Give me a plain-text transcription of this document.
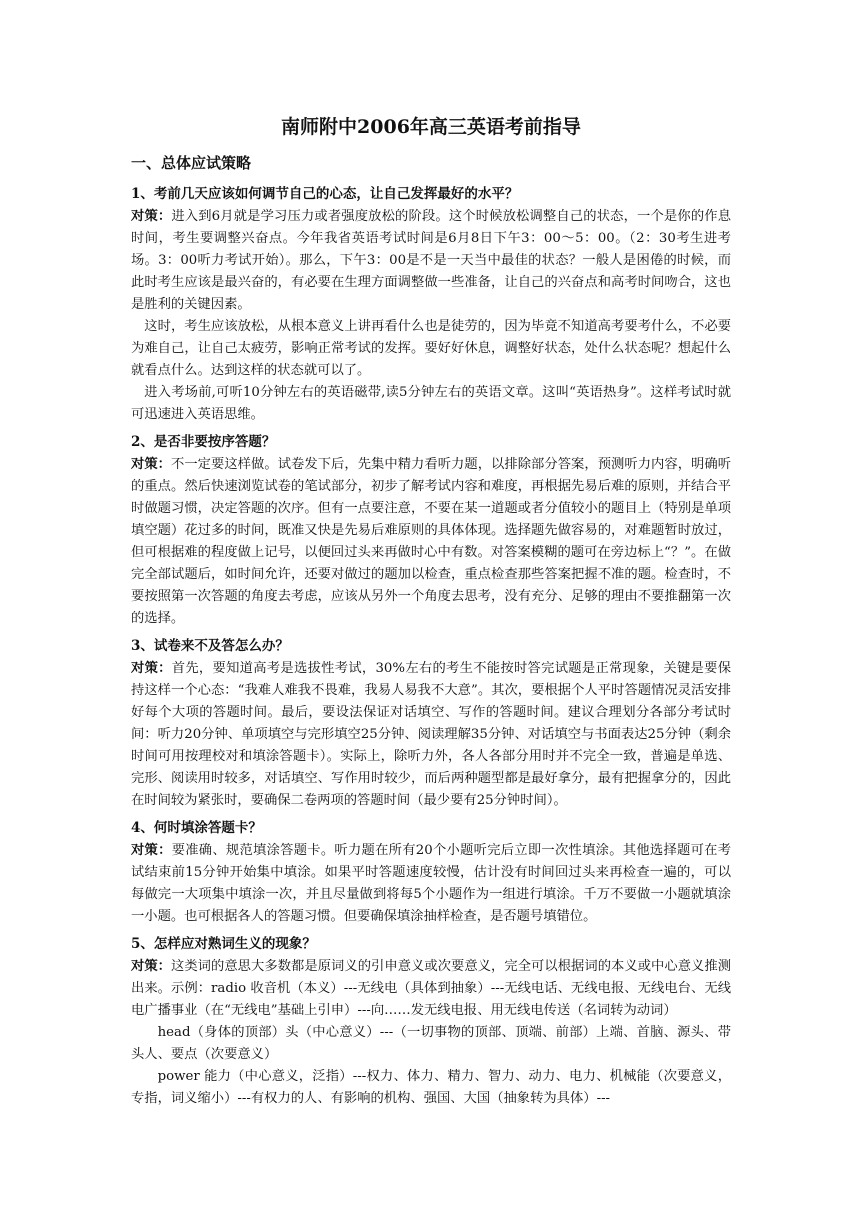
南师附中2006年高三英语考前指导
一、总体应试策略
1、考前几天应该如何调节自己的心态，让自己发挥最好的水平？

对策：进入到6月就是学习压力或者强度放松的阶段。这个时候放松调整自己的状态，一个是你的作息时间，考生要调整兴奋点。今年我省英语考试时间是6月8日下午3：00～5：00。（2：30考生进考场。3：00听力考试开始）。那么，下午3：00是不是一天当中最佳的状态？一般人是困倦的时候，而此时考生应该是最兴奋的，有必要在生理方面调整做一些准备，让自己的兴奋点和高考时间吻合，这也是胜利的关键因素。

这时，考生应该放松，从根本意义上讲再看什么也是徒劳的，因为毕竟不知道高考要考什么，不必要为难自己，让自己太疲劳，影响正常考试的发挥。要好好休息，调整好状态，处什么状态呢？想起什么就看点什么。达到这样的状态就可以了。

进入考场前,可听10分钟左右的英语磁带,读5分钟左右的英语文章。这叫“英语热身”。这样考试时就可迅速进入英语思维。

2、是否非要按序答题？

对策：不一定要这样做。试卷发下后，先集中精力看听力题，以排除部分答案，预测听力内容，明确听的重点。然后快速浏览试卷的笔试部分，初步了解考试内容和难度，再根据先易后难的原则，并结合平时做题习惯，决定答题的次序。但有一点要注意，不要在某一道题或者分值较小的题目上（特别是单项填空题）花过多的时间，既准又快是先易后难原则的具体体现。选择题先做容易的，对难题暂时放过，但可根据难的程度做上记号，以便回过头来再做时心中有数。对答案模糊的题可在旁边标上“？”。在做完全部试题后，如时间允许，还要对做过的题加以检查，重点检查那些答案把握不准的题。检查时，不要按照第一次答题的角度去考虑，应该从另外一个角度去思考，没有充分、足够的理由不要推翻第一次的选择。

3、试卷来不及答怎么办？

对策：首先，要知道高考是选拔性考试，30%左右的考生不能按时答完试题是正常现象，关键是要保持这样一个心态：“我难人难我不畏难，我易人易我不大意”。其次，要根据个人平时答题情况灵活安排好每个大项的答题时间。最后，要设法保证对话填空、写作的答题时间。建议合理划分各部分考试时间：听力20分钟、单项填空与完形填空25分钟、阅读理解35分钟、对话填空与书面表达25分钟（剩余时间可用按理校对和填涂答题卡）。实际上，除听力外，各人各部分用时并不完全一致，普遍是单选、完形、阅读用时较多，对话填空、写作用时较少，而后两种题型都是最好拿分，最有把握拿分的，因此在时间较为紧张时，要确保二卷两项的答题时间（最少要有25分钟时间）。

4、何时填涂答题卡？

对策：要准确、规范填涂答题卡。听力题在所有20个小题听完后立即一次性填涂。其他选择题可在考试结束前15分钟开始集中填涂。如果平时答题速度较慢，估计没有时间回过头来再检查一遍的，可以每做完一大项集中填涂一次，并且尽量做到将每5个小题作为一组进行填涂。千万不要做一小题就填涂一小题。也可根据各人的答题习惯。但要确保填涂抽样检查，是否题号填错位。

5、怎样应对熟词生义的现象？

对策：这类词的意思大多数都是原词义的引申意义或次要意义，完全可以根据词的本义或中心意义推测出来。示例：radio 收音机（本义）---无线电（具体到抽象）---无线电话、无线电报、无线电台、无线电广播事业（在“无线电”基础上引申）---向……发无线电报、用无线电传送（名词转为动词）

head（身体的顶部）头（中心意义）---（一切事物的顶部、顶端、前部）上端、首脑、源头、带头人、要点（次要意义）

power 能力（中心意义，泛指）---权力、体力、精力、智力、动力、电力、机械能（次要意义，专指，词义缩小）---有权力的人、有影响的机构、强国、大国（抽象转为具体）---
